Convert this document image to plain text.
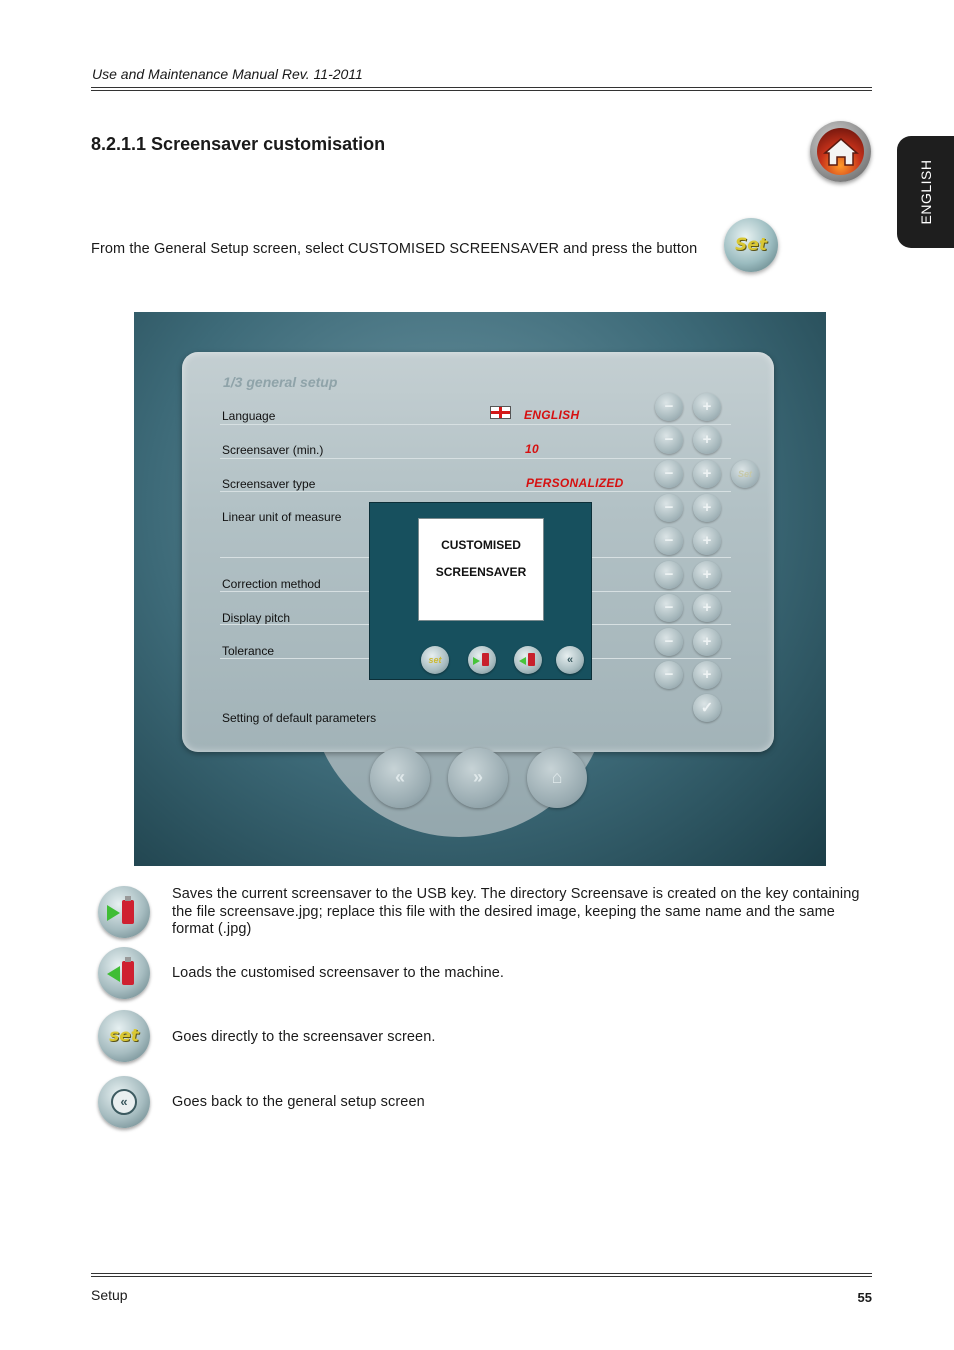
Use and Maintenance Manual Rev. 11-2011
ENGLISH
8.2.1.1 Screensaver customisation
From the General Setup screen, select CUSTOMISED SCREENSAVER and press the button	Set
1/3 general setup
Language	ENGLISH
Screensaver (min.)	10
Screensaver type	PERSONALIZED
Linear unit of measure
Correction method
Display pitch
Tolerance
Setting of default parameters
−	+
−	+
−	+	Set
−	+
−	+
−	+
−	+
−	+
−	+
✓
«	»	⌂
CUSTOMISED
SCREENSAVER
set	«
Saves the current screensaver to the USB key. The directory Screensave is created on the key containing the file screensave.jpg; replace this file with the desired image, keeping the same name and the same format (.jpg)
Loads the customised screensaver to the machine.
set	Goes directly to the screensaver screen.
«	Goes back to the general setup screen
Setup	55
